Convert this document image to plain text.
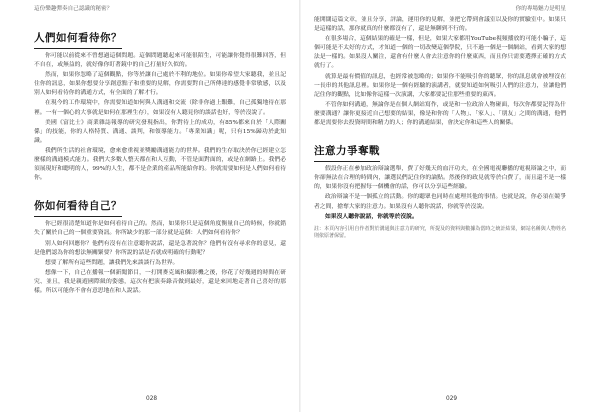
這份樂趣彈奏自己認識的秘密？
人們如何看待你？

你可能以前從來不曾想過這個問題。這個問題聽起來可能很陌生，可能讓你覺得很難回答，但不自在，或無益的，就好像你盯著鏡中的自己打量好久似的。

然而，如果你忽略了這個觀點，你等於讓自己處於不利的地位。如果你希望大家聽我，並且記住你的訊息，如果你想要分享創意點子和重要的見解，你需要對自己所傳達的感覺非常敏感，以及別人如何看待你的溝通方式，有全面的了解才行。

在現今的工作環境中，你需要知道如何與人溝通和交流（除非你過上艱難，自己孤獨地待在那裡。一有一個心的大事就是如何在那裡生存），如果沒有人聽見你的談話也好，等於沒說了。

美國《富比士》商業雜誌報導的研究發現指出，你對待上的成功，有85%都來自於「人際關係」的技能，你的人格特質、溝通、談判，和領導能力。「專業知識」呢，只有15%歸功於此知識。

我們所生活的社會環境，愈來愈重視並獎勵溝通能力的世界。我們的生存取決於你已經建立怎麼樣的溝通模式能力。我們大多數人整天都在和人互動，不管是面對面的，或是在網路上。我們必須展現好和聰明的人，99%的人生，都不是企業的產品所能給你的。你就需要如何是人們如何看待你。

你如何看待自己？

你已經很清楚知道你是如何看待自己的。然而，如果你只是這個角度衡量自己的時候，你就錯失了關於自己的一個重要資訊。你所缺少的那一部分就是這個：人們如何看待你？

別人如何回應你？他們有沒有在注意聽你說話，還是急著說你？他們有沒有尋求你的意見，還是他們認為你的想法無關緊要？你所說的話是否就成明確的行動呢？

想要了解所有這些問題，讓我們先來談談行為世界。

想像一下，自己在播報一個新聞節目，一打開麥克風和攝影機之後，你花了好幾週的時間在研究、並且，我是親遊國際級的姿態，這次有把演奏錄音做到最好，還是來回地走著自己喜好的那樣。所以可能你不會有意思地在和人說話。

028
你的專場魅力是明星

能開闊這篇文章，並且分享，評論，運用你的見解，並把它帶到會議室以及你的實驗室中。如果只是這樣的話，那你就真的什麼都沒有了，還是無聊到不行的。

在很多場合，這個結果的確是一樣，但是，如果大家都用YouTube視頻播放的可能小騙子，這個可能是不太好的方式，才知道一個的一切改變這個學院，只不過一個是一個網站，看到大家的想法是一樣的。如果沒人關注，還會有什麼人會去注意你的什麼東西，而且你只需要選擇正確的方式就行了。

就算是最有價值的訊息，也經常被忽略的；如果你不能吸引你的聽眾，你的訊息就會被埋沒在一長串的其他訊息裡。如果你是一個有經驗的演講者，就要知道如何吸引人們的注意力，並讓他們記住你的觀點，比如像你這樣一次演講，大家都要記住那些重要的東西。

不管你如何溝通，無論你是在個人網站寫作，或是和一位政治人物碰面，每次你都要記得為什麼要溝通？讓你更接近自己想要的結果，像是和你的「人物」、「家人」、「朋友」之間的溝通，他們都是需要你去投資時間和精力的人；你的溝通結果，會決定你和這些人的關係。

注意力爭奪戰

假設你正在參加政治辯論選舉，費了好幾天的血汗功夫，在全國電視聯播的電視辯論之中，而你卻無法在合理的時間內，讓選民們記住你的論點。然後你的政見就等於白費了，而且還不是一樣的，如果你沒有把握每一個機會的話，你可以分享這些經驗。

政治辯論不是一個孤立的活動。你的聽眾也同時在處理其他的事情。也就是說，你必須在競爭者之間，搶奪大家的注意力。如果沒有人聽你說話，你就等於沒說。

如果沒人聽你說話，你就等於沒說。

註：本頁內容引用自作者對於溝通與注意力的研究，所提及的資料與數據為當時之統計結果，網站名稱與人物姓名則依原著保留。

029
